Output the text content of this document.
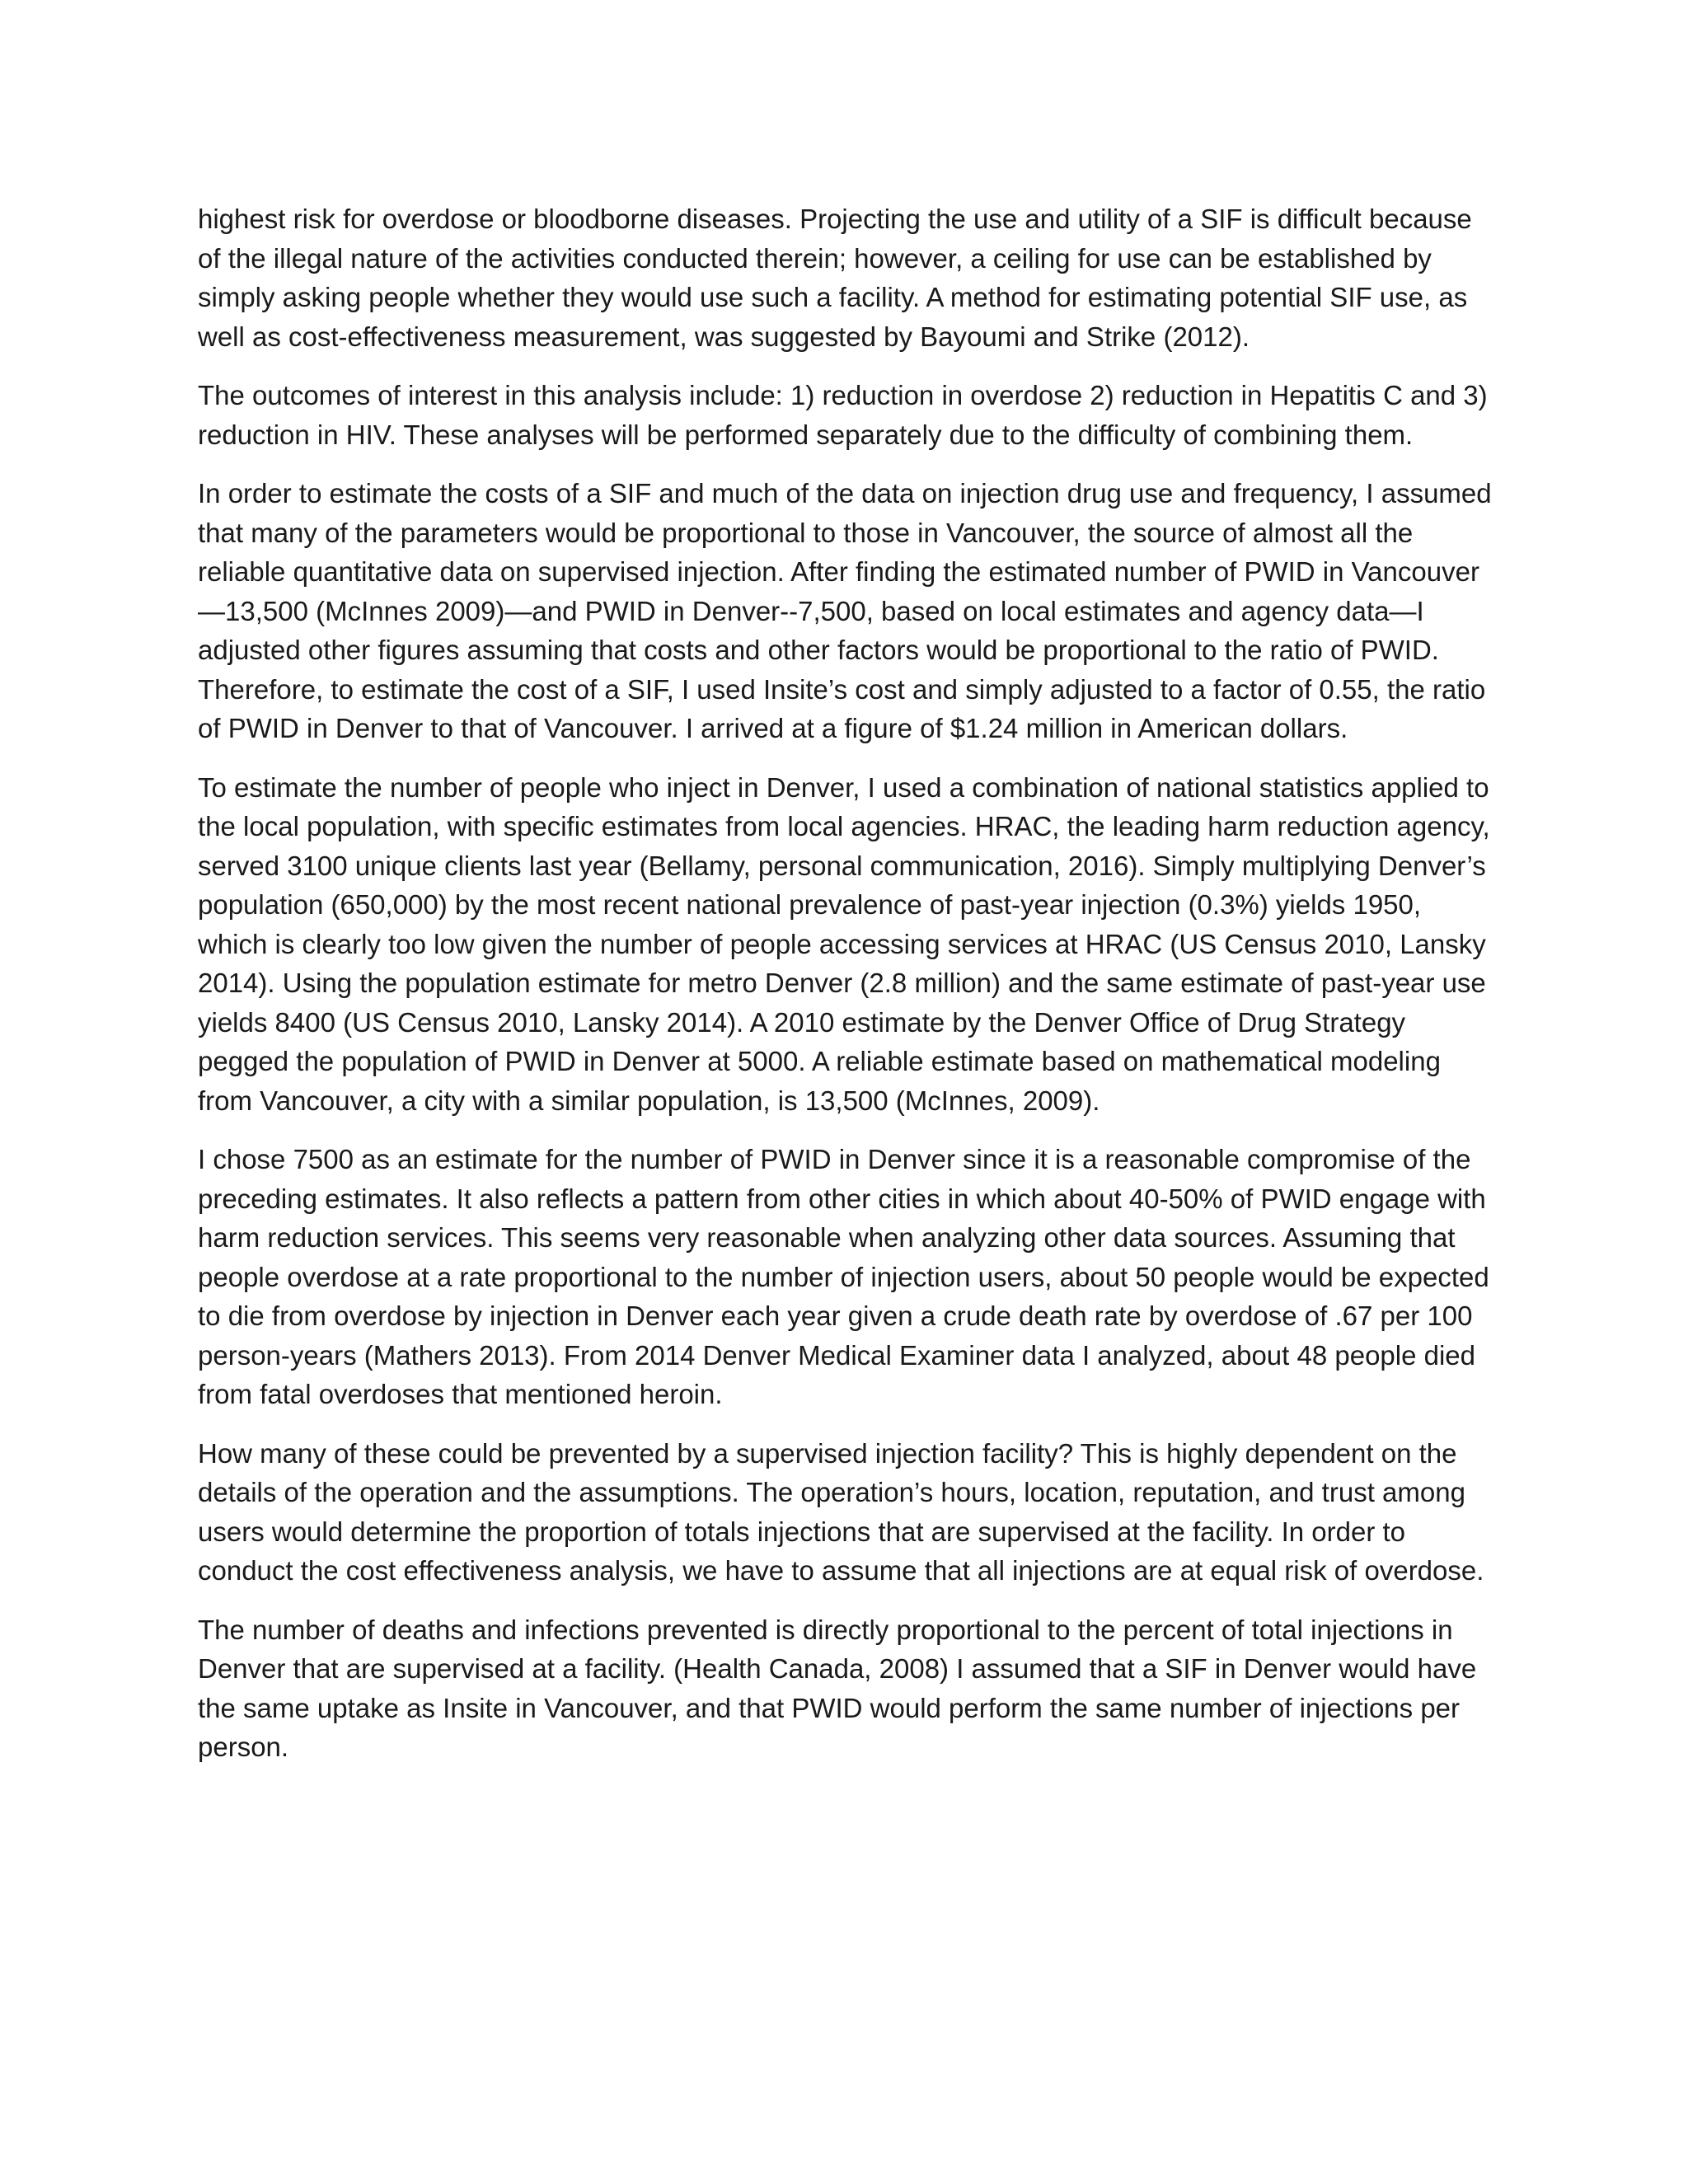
highest risk for overdose or bloodborne diseases. Projecting the use and utility of a SIF is difficult because of the illegal nature of the activities conducted therein; however, a ceiling for use can be established by simply asking people whether they would use such a facility. A method for estimating potential SIF use, as well as cost-effectiveness measurement, was suggested by Bayoumi and Strike (2012).

The outcomes of interest in this analysis include: 1) reduction in overdose 2) reduction in Hepatitis C and 3) reduction in HIV. These analyses will be performed separately due to the difficulty of combining them.

In order to estimate the costs of a SIF and much of the data on injection drug use and frequency, I assumed that many of the parameters would be proportional to those in Vancouver, the source of almost all the reliable quantitative data on supervised injection. After finding the estimated number of PWID in Vancouver—13,500 (McInnes 2009)—and PWID in Denver--7,500, based on local estimates and agency data—I adjusted other figures assuming that costs and other factors would be proportional to the ratio of PWID. Therefore, to estimate the cost of a SIF, I used Insite’s cost and simply adjusted to a factor of 0.55, the ratio of PWID in Denver to that of Vancouver. I arrived at a figure of $1.24 million in American dollars.

To estimate the number of people who inject in Denver, I used a combination of national statistics applied to the local population, with specific estimates from local agencies. HRAC, the leading harm reduction agency, served 3100 unique clients last year (Bellamy, personal communication, 2016). Simply multiplying Denver’s population (650,000) by the most recent national prevalence of past-year injection (0.3%) yields 1950, which is clearly too low given the number of people accessing services at HRAC (US Census 2010, Lansky 2014). Using the population estimate for metro Denver (2.8 million) and the same estimate of past-year use yields 8400 (US Census 2010, Lansky 2014). A 2010 estimate by the Denver Office of Drug Strategy pegged the population of PWID in Denver at 5000. A reliable estimate based on mathematical modeling from Vancouver, a city with a similar population, is 13,500 (McInnes, 2009).

I chose 7500 as an estimate for the number of PWID in Denver since it is a reasonable compromise of the preceding estimates. It also reflects a pattern from other cities in which about 40-50% of PWID engage with harm reduction services. This seems very reasonable when analyzing other data sources. Assuming that people overdose at a rate proportional to the number of injection users, about 50 people would be expected to die from overdose by injection in Denver each year given a crude death rate by overdose of .67 per 100 person-years (Mathers 2013). From 2014 Denver Medical Examiner data I analyzed, about 48 people died from fatal overdoses that mentioned heroin.

How many of these could be prevented by a supervised injection facility? This is highly dependent on the details of the operation and the assumptions. The operation’s hours, location, reputation, and trust among users would determine the proportion of totals injections that are supervised at the facility. In order to conduct the cost effectiveness analysis, we have to assume that all injections are at equal risk of overdose.

The number of deaths and infections prevented is directly proportional to the percent of total injections in Denver that are supervised at a facility. (Health Canada, 2008) I assumed that a SIF in Denver would have the same uptake as Insite in Vancouver, and that PWID would perform the same number of injections per person.
